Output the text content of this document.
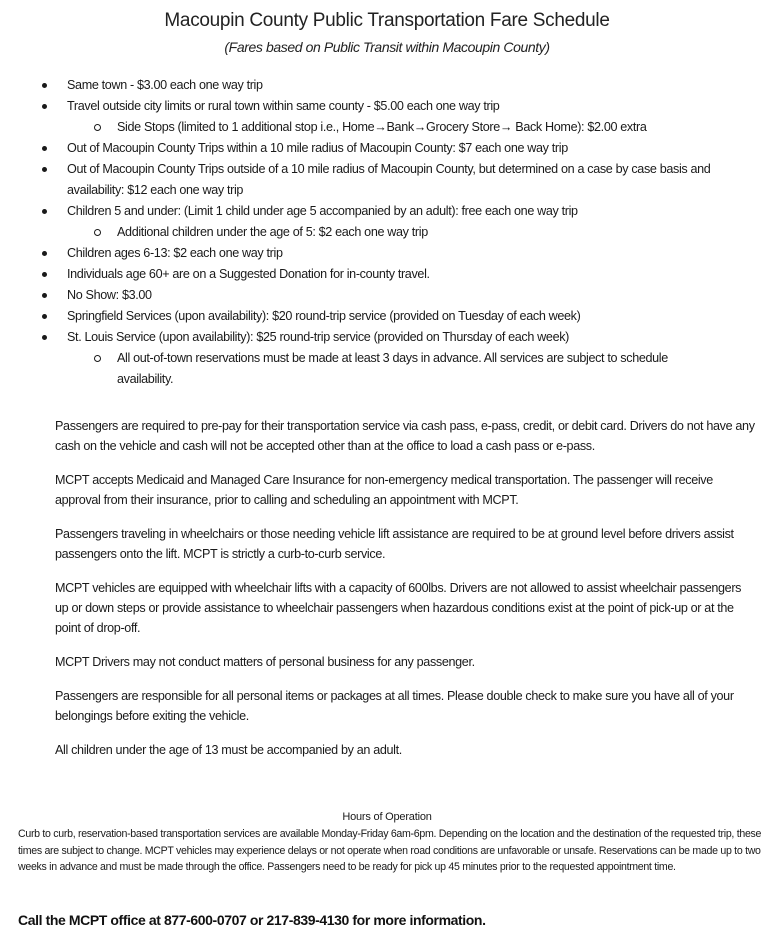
Macoupin County Public Transportation Fare Schedule
(Fares based on Public Transit within Macoupin County)
Same town - $3.00 each one way trip
Travel outside city limits or rural town within same county - $5.00 each one way trip
Side Stops (limited to 1 additional stop i.e., Home→Bank→Grocery Store→ Back Home): $2.00 extra
Out of Macoupin County Trips within a 10 mile radius of Macoupin County: $7 each one way trip
Out of Macoupin County Trips outside of a 10 mile radius of Macoupin County, but determined on a case by case basis and availability: $12 each one way trip
Children 5 and under: (Limit 1 child under age 5 accompanied by an adult): free each one way trip
Additional children under the age of 5: $2 each one way trip
Children ages 6-13: $2 each one way trip
Individuals age 60+ are on a Suggested Donation for in-county travel.
No Show: $3.00
Springfield Services (upon availability): $20 round-trip service (provided on Tuesday of each week)
St. Louis Service (upon availability): $25 round-trip service (provided on Thursday of each week)
All out-of-town reservations must be made at least 3 days in advance. All services are subject to schedule availability.

Passengers are required to pre-pay for their transportation service via cash pass, e-pass, credit, or debit card. Drivers do not have any cash on the vehicle and cash will not be accepted other than at the office to load a cash pass or e-pass.

MCPT accepts Medicaid and Managed Care Insurance for non-emergency medical transportation. The passenger will receive approval from their insurance, prior to calling and scheduling an appointment with MCPT.

Passengers traveling in wheelchairs or those needing vehicle lift assistance are required to be at ground level before drivers assist passengers onto the lift. MCPT is strictly a curb-to-curb service.

MCPT vehicles are equipped with wheelchair lifts with a capacity of 600lbs. Drivers are not allowed to assist wheelchair passengers up or down steps or provide assistance to wheelchair passengers when hazardous conditions exist at the point of pick-up or at the point of drop-off.

MCPT Drivers may not conduct matters of personal business for any passenger.

Passengers are responsible for all personal items or packages at all times. Please double check to make sure you have all of your belongings before exiting the vehicle.

All children under the age of 13 must be accompanied by an adult.

Hours of Operation
Curb to curb, reservation-based transportation services are available Monday-Friday 6am-6pm. Depending on the location and the destination of the requested trip, these times are subject to change. MCPT vehicles may experience delays or not operate when road conditions are unfavorable or unsafe. Reservations can be made up to two weeks in advance and must be made through the office. Passengers need to be ready for pick up 45 minutes prior to the requested appointment time.
Call the MCPT office at 877-600-0707 or 217-839-4130 for more information.
